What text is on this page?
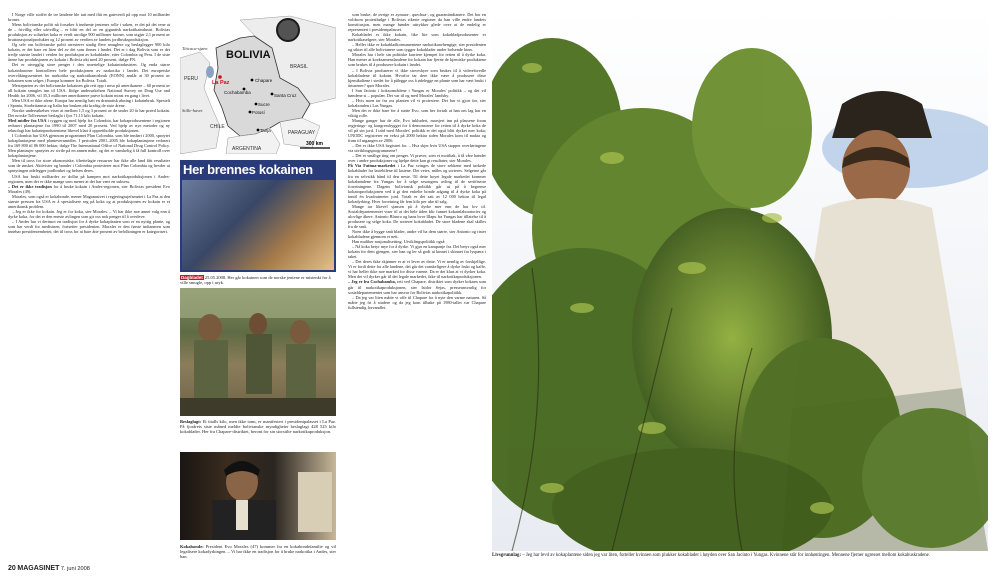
I Norge ville stoffet de tre landene ble tatt med fått en gateverdi på opp mot 10 milliarder kroner.

Mens bolivianske politi nå forsøker å innhente jentenes rolle i saken, er det på det rene at de – frivillig eller ufrivillig – er blitt en del av en gigantisk narkotikaindustri. Bolivias produksjon av soltørket koka er verdt utrolige 900 millioner kroner, som utgjør 2,1 prosent av bruttonasjonalproduktet og 12 prosent av verdien av landets jordbruksproduksjon.

Og selv om bolivianske politi arresterer stadig flere smuglere og beslaglegger 900 kilo kokain, er det bare en liten del av det som finnes i landet. Det er i dag Bolivia som er det tredje største landet i verden for produksjon av kokablader, etter Colombia og Peru. I de siste årene har produksjonen av kokain i Bolivia økt med 20 prosent, ifølge FN.

Det er utvegglig store penger i den smertelige kokainindustrien. Og enda større kokainbaroner kontrollerer hele produksjonen av narkotika i landet. Det europeiske overvåkingssenteret for narkotika og narkotikamisbruk (EONN) anslår at 30 prosent av kokainen som selges i Europa kommer fra Bolivia. Totalt.

Mesteparten av det bolivianske kokainen går rett opp i nesa på amerikanere – 60 prosent av all kokain smugles inn til USA. Ifølge undersøkelsen National Survey on Drug Use and Health fra 2006, vil 35,3 millioner amerikanere prøve kokain minst en gang i livet.

Men USA er ikke alene. Europa har nemlig hatt en dramatisk økning i kokainbruk. Spesielt i Spania, Storbritannia og Italia har bruken økt kraftig de siste årene.

Norske undersøkelser viser at mellom 1,5 og 3 prosent av de under 20 år har prøvd kokain. Det norske Tollvesenet beslagla i fjor 71,15 kilo kokain.

Med midler fra USA i ryggen og med hjelp fra Colombia, har kokaprodusentene i regionen redusert plantasjene fra 1990 til 2007 med 20 prosent. Ved hjelp av nye metoder og ny teknologi har kokainprodusentene likevel klart å opprettholde produksjonen.

I Colombia har USA gjennom programmet Plan Colombia, som ble innført i 2000, sprøytet kokaplantasjene med plantevernmidler. I perioden 2001–2005 ble kokaplantasjene redusert fra 169 800 til 86 000 hektar, ifølge The International Office of National Drug Control Policy. Men plantasjer sprøytes av sivile på en annen måte, og det er vanskelig å få full kontroll over kokaplantasjene.

Men til tross for store økonomiske, tilrettelagte ressurser har ikke alle land fått resultater som de ønsket. Aktivister og bønder i Colombia protesterer mot Plan Colombia og hevder at sprøytingen ødelegger jordbruket og helsen deres.

USA har brukt milliarder av dollar på kampen mot narkotikaproduksjonen i Andes-regionen, men det er ikke mange som mener at det har vært en suksess.

– Det er ikke tradisjon for å bruke kokain i Andes-regionen, sier Bolivias president Evo Morales (49).

Morales, som også er kokabonde, mener Maganasivet i regjeringssjefsmøtet i La Paz at den største pressen fra USA er å spesialisere seg på koka og at produksjonen av kokain er et amerikansk problem.

– Jeg er ikke for kokain. Jeg er for koka, sier Morales. – Vi har ikke noe annet valg enn å dyrke koka, for det er den eneste avlingen som gir oss nok penger til å overleve.

– I Andes har vi derimot en tradisjon for å dyrke kokaplanten som er en nyttig plante, og som har verdi for medisinen, fortsetter presidenten. Morales er den første indianeren som innehar presidentembetet, det til tross for at bare åtte prosent av befolkningen er kategorisert.

BOLIVIA
Titicaca-sjøen
PERU
BRASIL
La Paz	Chapare
Cochabamba
Santa Cruz
Sucre
Potosí
Tarija	PARAGUAY
CHILE
ARGENTINA
Stille-havet
300 km
Her brennes kokainen
Dagbladet 25.05.2008. Her går kokainen som de norske jentene er mistenkt for å ville smugle, opp i røyk.
Beslaglagt: Et titalls kilo, men ikke tonn, er manifestert i presidentpalasset i La Paz. På fjorårets siste måned meldte bolivianske myndigheter beslaglagt 428 525 kilo kokablader. Her fra Chapare-distriktet, beront for sin storstilte narkotikaproduksjon.
Kokabonde: President Evo Morales (47) kommer fra en kokabondefamilie og vil legalisere kokadyrkingen. – Vi har ikke en tradisjon for å bruke narkotika i Andes, sier han.

som bruke; de øvrige er aymara-, quechua-, og guaraniindianere. Det bor en voldsom protestbølge i Bolivias rikeste regioner da han ville endre landets konstitusjon, men mange bønder uttrykker glede over at de endelig er representert i presidentpalasset.

Kokabladet er ikke kokain, like lite som kokabladprodusenter er narkotikaselgere, sier Morales.

– Heller ikke er kokabladkonsumentene narkotikaavhengige, sier presidenten og sikter til alle bolivianere som tygger kokablader under bolsende kinn.

Morales har i hele sin politiske karriere kjempet for retten til å dyrke koka. Han mener at koeksamenslandene for kokain har fjerne de kjemiske produktene som brukes til å produsere kokain i landet.

– I Bolivia produserer vi ikke stoveshyre som brukes til å videreforedle kokabladene til kokain. Hvorfor tar dere ikke være å produsere disse kjemikaliene i stedet for å pålegge oss å ødelegge en plante som har vært brukt i årtusener? spør Morales.

I San Jacinto i kokaområdene i Yungas er Morales' politikk – og det vil bøndene si – populær. Det var til og med Morales' landsby.

– Hvis noen tar fra oss planten vil vi protestere. Det har vi gjort før, sier kokabonden i Las Yungas.

Men det er ikke bare for å støtte Evo, som her fortalt at han om lag har en viktig rolle.

Mange ganger har de alle, Evo inkludert, marsjert inn på plassene foran regjerings- og kongressbygget for å demonstrere for retten til å dyrke koka de vil på sin jord. I tråd med Morales' politikk er det også blitt dyrket mer koka; UNODC registrerer en vekst på 2000 hektar siden Morales kom til makta og fram til utgangen av 2006.

– Det er ikke USA begistret for. – Hva skjer hvis USA stopper overføringene via utviklingsprogrammene?

– Det er smålige ting om penger. Vi prøver, som et motiltak, å få våre bønder over i andre produksjoner og hjelpe dette kan gi resultater, sier Morales.

På Via Fatima-markedet i La Paz svinges de store sekkene med tørkede kokablader fra lastebilene til lastene. Det veies, måles og sorteres. Selgerne går fra en selvsikk hånd til den neste. Til dette hoyet legale markedet kommer kokabøndene fra Yungas for å selge sesongens avling til de sertifiserte forretningene. Dagens boliviansk politikk går ut på å begrense kokainproduksjonen ved å gi den enkelte bonde adgang til å dyrke koka på inntil én kvadratmeter jord. Totalt er det satt av 12 000 hektar til legal kokadyrking. Hver forretning får fem kilo per uke til salg.

Mange tar likevel sjansen på å dyrke mer enn de har lov til. Sosialdepartementet viser til at det hele tiden blir funnet kokainlaboratorier og ulovlige åkere. Antonio Blanco og hans hvor Illapu fra Yungas har tillatelse til å produsere og selge koka. De sorterer kokabladet. De store bladene skal skilles fra de små.

Noen ikke å bygge små blader, andre vil ha dem større, sier Antonio og rister kokabladene gjennom et nett.

Han muliker nasjonaltsetting. Utviklingspolitikk også:

– Nå koka betyr mye for å dyrke. Vi gjør en kampanje fra. Det betyr også mer kokain for dem gjengen, sier han og ler så godt at kinnet i skinnet fra lyspæra i taket.

– Det deres ikke skjønner er at vi lever av dette. Vi er nemlig av forskjellige. Vi er fordi dette for alle landene, det går det vanskeligere å dyrke frukt og kaffe, vi har heller ikke noe marked for disse varene. Da er det klart at vi dyrker koka. Men det vil dyrker går til det legale markedet, ikke til narkotikaproduksjonen.

– Jeg er fra Cochabamba, rett ved Chapare, distriktet som dyrker kokaen som går til narkotikaproduksjonen, sier Isidor Sejas, presseansvarlig for sosialdepartementet som har ansvar for Bolivias narkotikapolitikk.

– Da jeg var liten måtte vi offe til Chapare for å nyte den varme naturen. Så måtte jeg fri å studere og da jeg kom tilbake på 1980-tallet var Chapare fullstendig forvandlet.

Livsgrunnlag: – Jeg har levd av kokaplantene siden jeg var liten, forteller kvinnen som plukker kokablader i høyden over San Jacinto i Yungas. Kvinnene står for innhøstingen. Mennene fjerner ugresset mellom kokabuskradene.
20 MAGASINET 7. juni 2008
